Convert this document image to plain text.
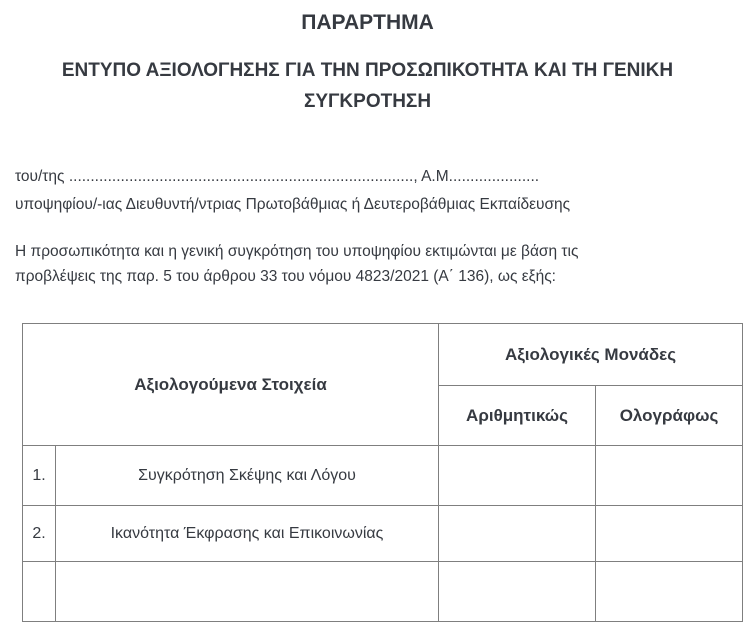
ΠΑΡΑΡΤΗΜΑ
ΕΝΤΥΠΟ ΑΞΙΟΛΟΓΗΣΗΣ ΓΙΑ ΤΗΝ ΠΡΟΣΩΠΙΚΟΤΗΤΑ ΚΑΙ ΤΗ ΓΕΝΙΚΗ
ΣΥΓΚΡΟΤΗΣΗ
του/της ................................................................................, Α.Μ.....................
υποψηφίου/-ιας Διευθυντή/ντριας Πρωτοβάθμιας ή Δευτεροβάθμιας Εκπαίδευσης
Η προσωπικότητα και η γενική συγκρότηση του υποψηφίου εκτιμώνται με βάση τις
προβλέψεις της παρ. 5 του άρθρου 33 του νόμου 4823/2021 (Α΄ 136), ως εξής:
Αξιολογούμενα Στοιχεία		Αξιολογικές Μονάδες	
		Αριθμητικώς	Ολογράφως
1.	Συγκρότηση Σκέψης και Λόγου		
2.	Ικανότητα Έκφρασης και Επικοινωνίας		
